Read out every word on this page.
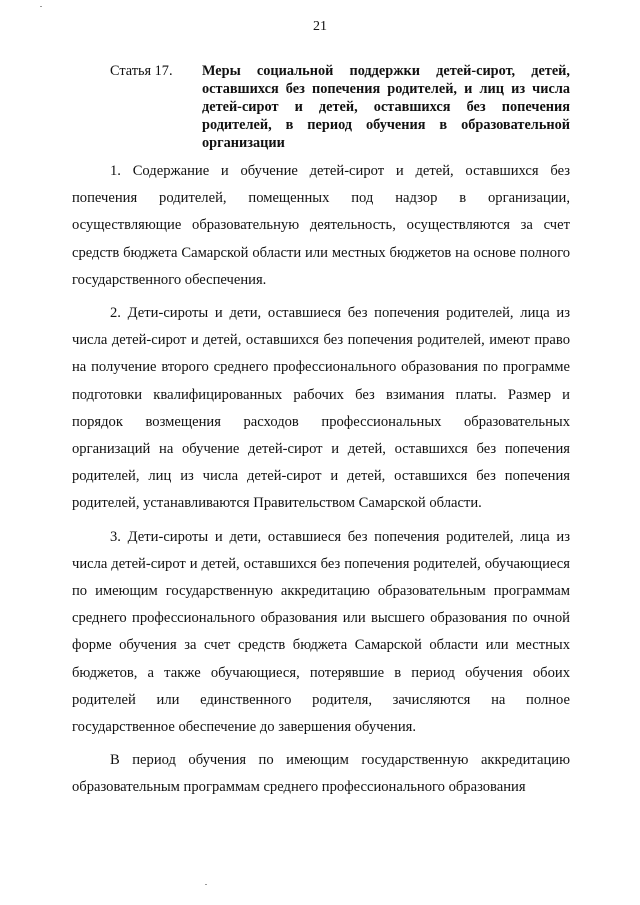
21
Статья 17.	Меры социальной поддержки детей-сирот, детей, оставшихся без попечения родителей, и лиц из числа детей-сирот и детей, оставшихся без попечения родителей, в период обучения в образовательной организации

1. Содержание и обучение детей-сирот и детей, оставшихся без попечения родителей, помещенных под надзор в организации, осуществляющие образовательную деятельность, осуществляются за счет средств бюджета Самарской области или местных бюджетов на основе полного государственного обеспечения.

2. Дети-сироты и дети, оставшиеся без попечения родителей, лица из числа детей-сирот и детей, оставшихся без попечения родителей, имеют право на получение второго среднего профессионального образования по программе подготовки квалифицированных рабочих без взимания платы. Размер и порядок возмещения расходов профессиональных образовательных организаций на обучение детей-сирот и детей, оставшихся без попечения родителей, лиц из числа детей-сирот и детей, оставшихся без попечения родителей, устанавливаются Правительством Самарской области.

3. Дети-сироты и дети, оставшиеся без попечения родителей, лица из числа детей-сирот и детей, оставшихся без попечения родителей, обучающиеся по имеющим государственную аккредитацию образовательным программам среднего профессионального образования или высшего образования по очной форме обучения за счет средств бюджета Самарской области или местных бюджетов, а также обучающиеся, потерявшие в период обучения обоих родителей или единственного родителя, зачисляются на полное государственное обеспечение до завершения обучения.

В период обучения по имеющим государственную аккредитацию образовательным программам среднего профессионального образования
